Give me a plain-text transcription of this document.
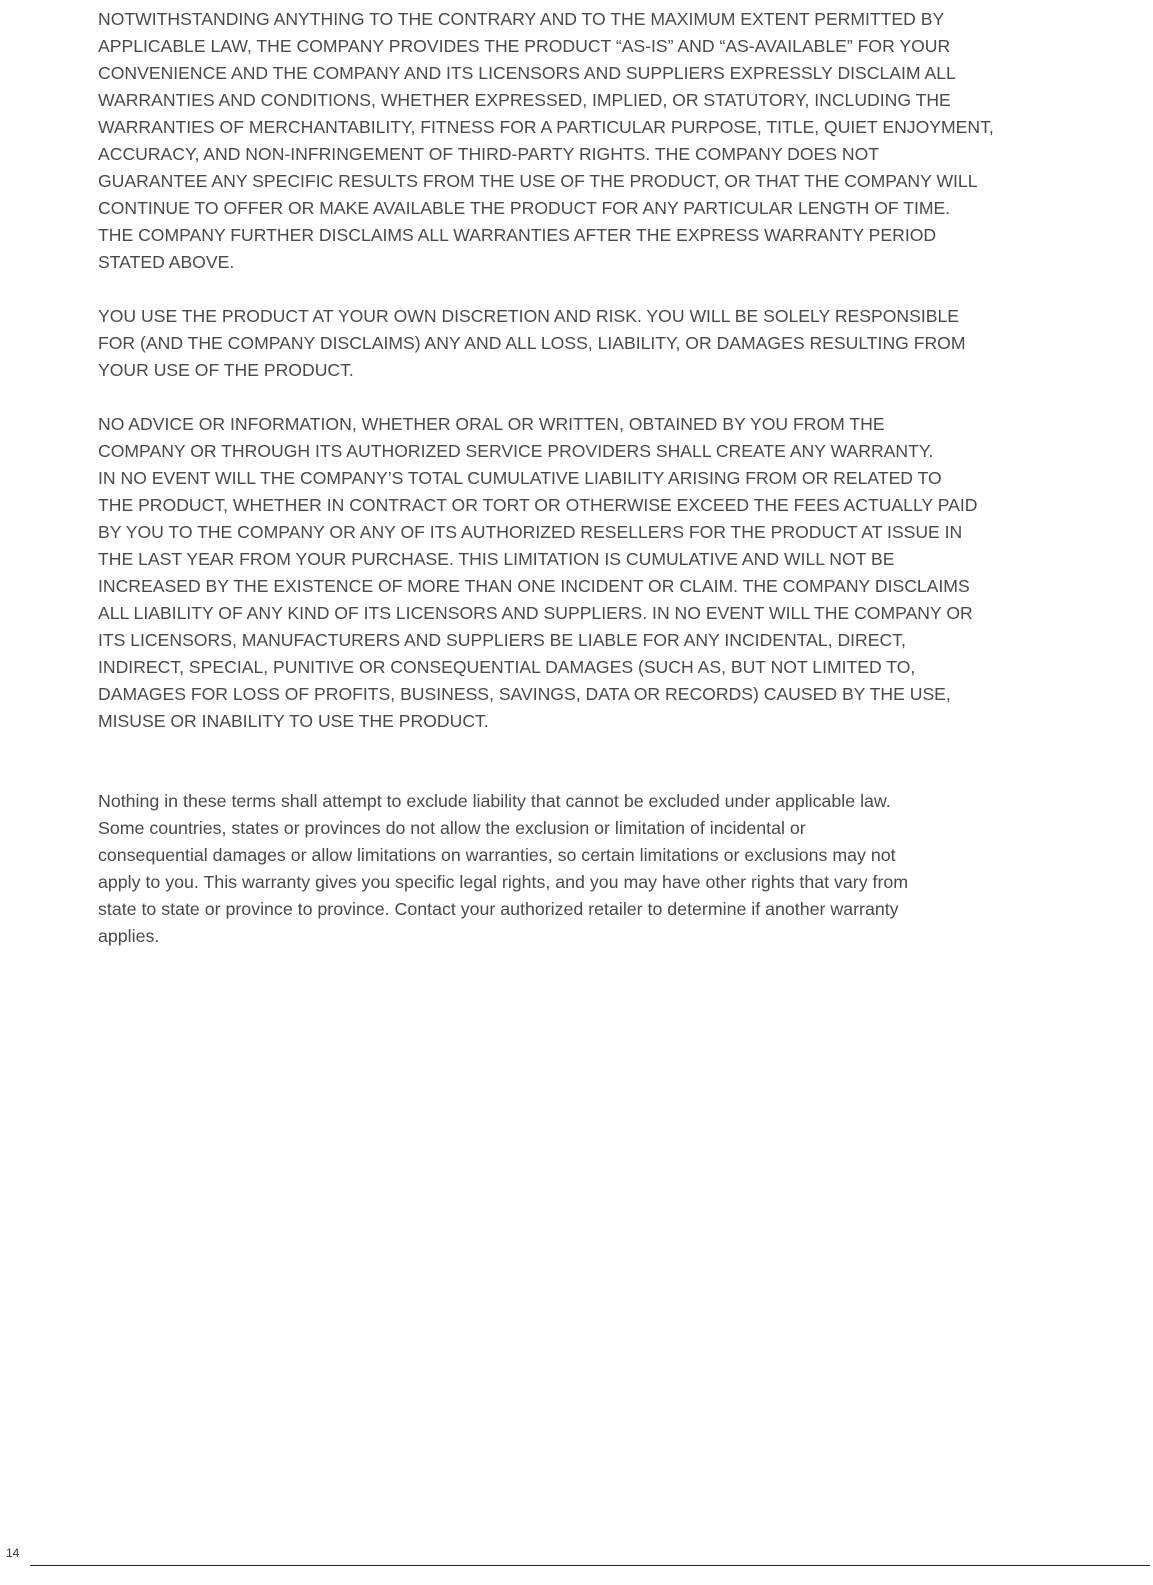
NOTWITHSTANDING ANYTHING TO THE CONTRARY AND TO THE MAXIMUM EXTENT PERMITTED BY
APPLICABLE LAW, THE COMPANY PROVIDES THE PRODUCT “AS-IS” AND “AS-AVAILABLE” FOR YOUR
CONVENIENCE AND THE COMPANY AND ITS LICENSORS AND SUPPLIERS EXPRESSLY DISCLAIM ALL
WARRANTIES AND CONDITIONS, WHETHER EXPRESSED, IMPLIED, OR STATUTORY, INCLUDING THE
WARRANTIES OF MERCHANTABILITY, FITNESS FOR A PARTICULAR PURPOSE, TITLE, QUIET ENJOYMENT,
ACCURACY, AND NON-INFRINGEMENT OF THIRD-PARTY RIGHTS. THE COMPANY DOES NOT
GUARANTEE ANY SPECIFIC RESULTS FROM THE USE OF THE PRODUCT, OR THAT THE COMPANY WILL
CONTINUE TO OFFER OR MAKE AVAILABLE THE PRODUCT FOR ANY PARTICULAR LENGTH OF TIME.
THE COMPANY FURTHER DISCLAIMS ALL WARRANTIES AFTER THE EXPRESS WARRANTY PERIOD
STATED ABOVE.

YOU USE THE PRODUCT AT YOUR OWN DISCRETION AND RISK. YOU WILL BE SOLELY RESPONSIBLE
FOR (AND THE COMPANY DISCLAIMS) ANY AND ALL LOSS, LIABILITY, OR DAMAGES RESULTING FROM
YOUR USE OF THE PRODUCT.

NO ADVICE OR INFORMATION, WHETHER ORAL OR WRITTEN, OBTAINED BY YOU FROM THE
COMPANY OR THROUGH ITS AUTHORIZED SERVICE PROVIDERS SHALL CREATE ANY WARRANTY.
IN NO EVENT WILL THE COMPANY’S TOTAL CUMULATIVE LIABILITY ARISING FROM OR RELATED TO
THE PRODUCT, WHETHER IN CONTRACT OR TORT OR OTHERWISE EXCEED THE FEES ACTUALLY PAID
BY YOU TO THE COMPANY OR ANY OF ITS AUTHORIZED RESELLERS FOR THE PRODUCT AT ISSUE IN
THE LAST YEAR FROM YOUR PURCHASE. THIS LIMITATION IS CUMULATIVE AND WILL NOT BE
INCREASED BY THE EXISTENCE OF MORE THAN ONE INCIDENT OR CLAIM. THE COMPANY DISCLAIMS
ALL LIABILITY OF ANY KIND OF ITS LICENSORS AND SUPPLIERS. IN NO EVENT WILL THE COMPANY OR
ITS LICENSORS, MANUFACTURERS AND SUPPLIERS BE LIABLE FOR ANY INCIDENTAL, DIRECT,
INDIRECT, SPECIAL, PUNITIVE OR CONSEQUENTIAL DAMAGES (SUCH AS, BUT NOT LIMITED TO,
DAMAGES FOR LOSS OF PROFITS, BUSINESS, SAVINGS, DATA OR RECORDS) CAUSED BY THE USE,
MISUSE OR INABILITY TO USE THE PRODUCT.

Nothing in these terms shall attempt to exclude liability that cannot be excluded under applicable law.
Some countries, states or provinces do not allow the exclusion or limitation of incidental or
consequential damages or allow limitations on warranties, so certain limitations or exclusions may not
apply to you. This warranty gives you specific legal rights, and you may have other rights that vary from
state to state or province to province. Contact your authorized retailer to determine if another warranty
applies.

14
